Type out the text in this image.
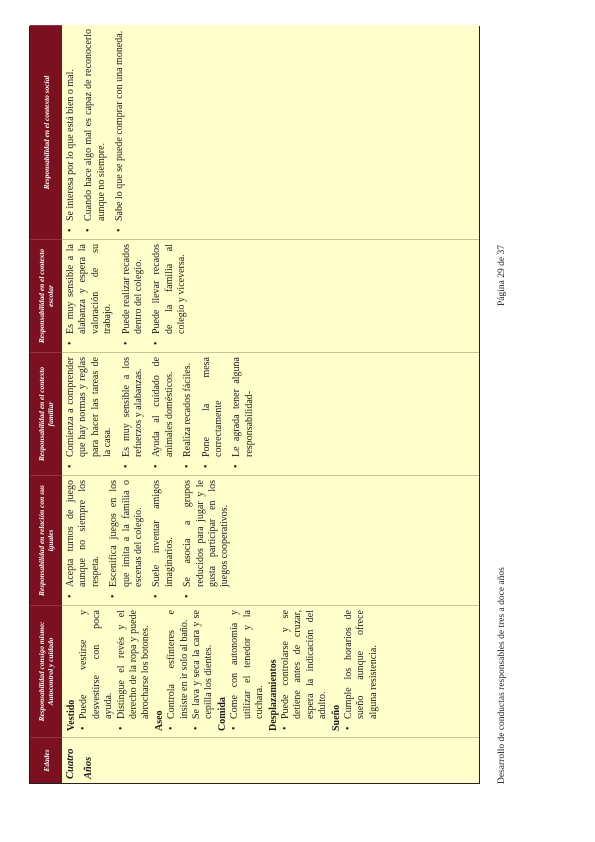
Edades
Responsabilidad consigo mismo: Autocontrol y cuidado
Responsabilidad en relación con sus iguales
Responsabilidad en el contexto familiar
Responsabilidad en el contexto escolar
Responsabilidad en el contexto social
Cuatro Años
Vestido • Puede vestirse y desvestirse con poca ayuda. • Distingue el revés y el derecho de la ropa y puede abrocharse los botones.
Aseo
• Controla esfínteres e insiste en ir solo al baño. • Se lava y seca la cara y se cepilla los dientes. Comida • Come con autonomía y utilizar el tenedor y la cuchara. Desplazamientos • Puede controlarse y se detiene antes de cruzar, espera la indicación del adulto. Sueño • Cumple los horarios de sueño aunque ofrece alguna resistencia.
• Acepta turnos de juego aunque no siempre los respeta. • Escenifica juegos en los que imita a la familia o escenas del colegio. • Suele inventar amigos imaginarios. • Se asocia a grupos reducidos para jugar y le gusta participar en los juegos cooperativos.
• Comienza a comprender que hay normas y reglas para hacer las tareas de la casa. • Es muy sensible a los refuerzos y alabanzas. • Ayuda al cuidado de animales domésticos. • Realiza recados fáciles. • Pone la mesa correctamente • Le agrada tener alguna responsabilidad-
• Es muy sensible a la alabanza y espera la valoración de su trabajo. • Puede realizar recados dentro del colegio. • Puede llevar recados de la familia al colegio y viceversa.
• Se interesa por lo que está bien o mal. • Cuando hace algo mal es capaz de reconocerlo aunque no siempre. • Sabe lo que se puede comprar con una moneda.
Desarrollo de conductas responsables de tres a doce años
Página 29 de 37
